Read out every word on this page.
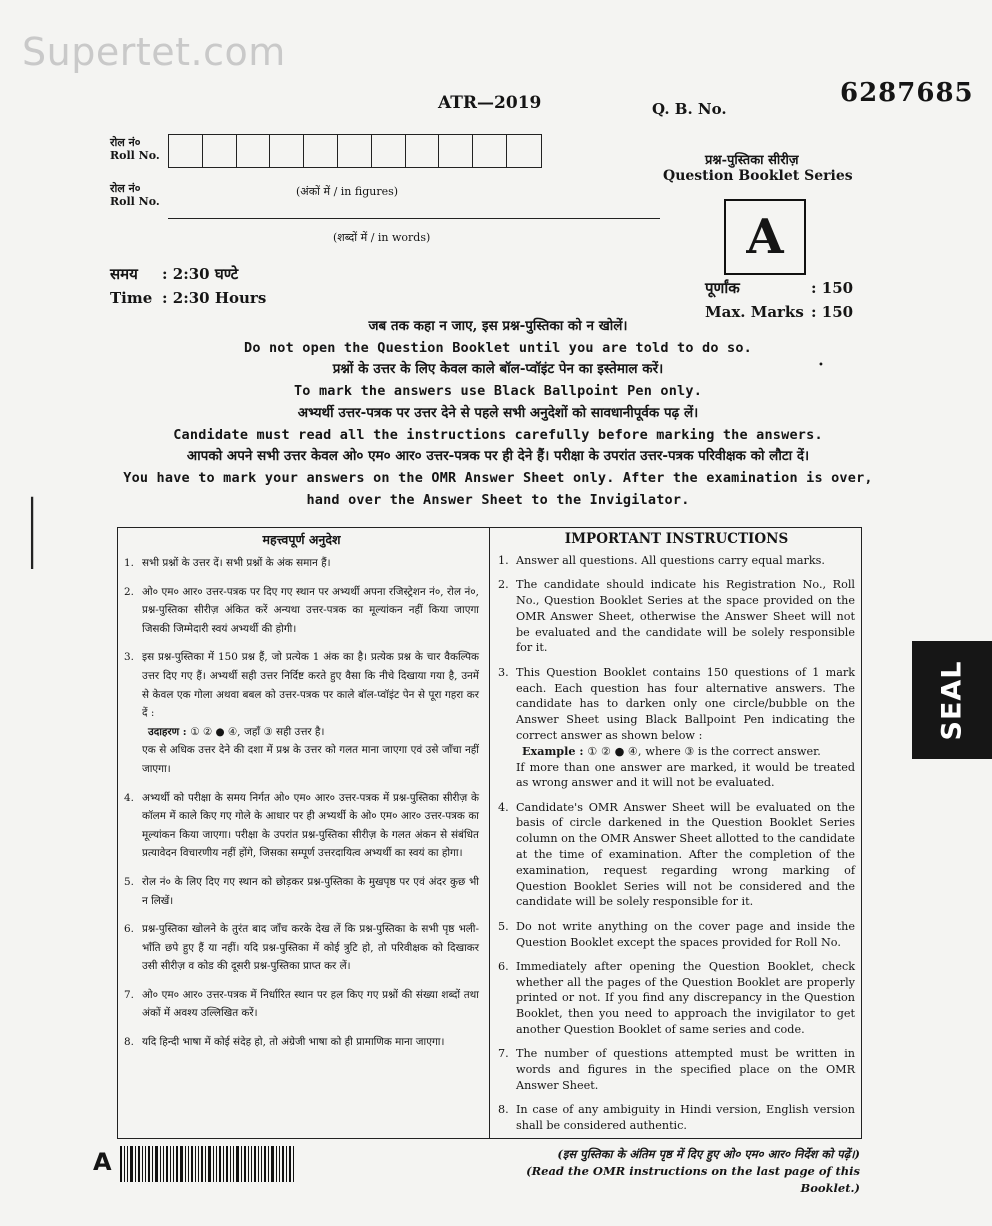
Supertet.com
ATR—2019	Q. B. No.
6287685
रोल नं०
Roll No.
(अंकों में / in figures)
रोल नं०
Roll No.
(शब्दों में / in words)
प्रश्न-पुस्तिका सीरीज़
Question Booklet Series
A
समय : 2:30 घण्टे
Time : 2:30 Hours
पूर्णांक	: 150
Max. Marks : 150
•
जब तक कहा न जाए, इस प्रश्न-पुस्तिका को न खोलें।
Do not open the Question Booklet until you are told to do so.
प्रश्नों के उत्तर के लिए केवल काले बॉल-प्वॉइंट पेन का इस्तेमाल करें।
To mark the answers use Black Ballpoint Pen only.
अभ्यर्थी उत्तर-पत्रक पर उत्तर देने से पहले सभी अनुदेशों को सावधानीपूर्वक पढ़ लें।
Candidate must read all the instructions carefully before marking the answers.
आपको अपने सभी उत्तर केवल ओ० एम० आर० उत्तर-पत्रक पर ही देने हैं। परीक्षा के उपरांत उत्तर-पत्रक परिवीक्षक को लौटा दें।
You have to mark your answers on the OMR Answer Sheet only. After the examination is over, hand over the Answer Sheet to the Invigilator.
|	महत्त्वपूर्ण अनुदेश
1. सभी प्रश्नों के उत्तर दें। सभी प्रश्नों के अंक समान हैं।
2. ओ० एम० आर० उत्तर-पत्रक पर दिए गए स्थान पर अभ्यर्थी अपना रजिस्ट्रेशन नं०, रोल नं०, प्रश्न-पुस्तिका सीरीज़ अंकित करें अन्यथा उत्तर-पत्रक का मूल्यांकन नहीं किया जाएगा जिसकी जिम्मेदारी स्वयं अभ्यर्थी की होगी।
3. इस प्रश्न-पुस्तिका में 150 प्रश्न हैं, जो प्रत्येक 1 अंक का है। प्रत्येक प्रश्न के चार वैकल्पिक उत्तर दिए गए हैं। अभ्यर्थी सही उत्तर निर्दिष्ट करते हुए वैसा कि नीचे दिखाया गया है, उनमें से केवल एक गोला अथवा बबल को उत्तर-पत्रक पर काले बॉल-प्वॉइंट पेन से पूरा गहरा कर दें :
उदाहरण : ① ② ● ④, जहाँ ③ सही उत्तर है।
एक से अधिक उत्तर देने की दशा में प्रश्न के उत्तर को गलत माना जाएगा एवं उसे जाँचा नहीं जाएगा।
4. अभ्यर्थी को परीक्षा के समय निर्गत ओ० एम० आर० उत्तर-पत्रक में प्रश्न-पुस्तिका सीरीज़ के कॉलम में काले किए गए गोले के आधार पर ही अभ्यर्थी के ओ० एम० आर० उत्तर-पत्रक का मूल्यांकन किया जाएगा। परीक्षा के उपरांत प्रश्न-पुस्तिका सीरीज़ के गलत अंकन से संबंधित प्रत्यावेदन विचारणीय नहीं होंगे, जिसका सम्पूर्ण उत्तरदायित्व अभ्यर्थी का स्वयं का होगा।
5. रोल नं० के लिए दिए गए स्थान को छोड़कर प्रश्न-पुस्तिका के मुखपृष्ठ पर एवं अंदर कुछ भी न लिखें।
6. प्रश्न-पुस्तिका खोलने के तुरंत बाद जाँच करके देख लें कि प्रश्न-पुस्तिका के सभी पृष्ठ भली-भाँति छपे हुए हैं या नहीं। यदि प्रश्न-पुस्तिका में कोई त्रुटि हो, तो परिवीक्षक को दिखाकर उसी सीरीज़ व कोड की दूसरी प्रश्न-पुस्तिका प्राप्त कर लें।
7. ओ० एम० आर० उत्तर-पत्रक में निर्धारित स्थान पर हल किए गए प्रश्नों की संख्या शब्दों तथा अंकों में अवश्य उल्लिखित करें।
8. यदि हिन्दी भाषा में कोई संदेह हो, तो अंग्रेजी भाषा को ही प्रामाणिक माना जाएगा।
IMPORTANT INSTRUCTIONS
1. Answer all questions. All questions carry equal marks.
2. The candidate should indicate his Registration No., Roll No., Question Booklet Series at the space provided on the OMR Answer Sheet, otherwise the Answer Sheet will not be evaluated and the candidate will be solely responsible for it.
3. This Question Booklet contains 150 questions of 1 mark each. Each question has four alternative answers. The candidate has to darken only one circle/bubble on the Answer Sheet using Black Ballpoint Pen indicating the correct answer as shown below :
Example : ① ② ● ④, where ③ is the correct answer.
If more than one answer are marked, it would be treated as wrong answer and it will not be evaluated.
4. Candidate's OMR Answer Sheet will be evaluated on the basis of circle darkened in the Question Booklet Series column on the OMR Answer Sheet allotted to the candidate at the time of examination. After the completion of the examination, request regarding wrong marking of Question Booklet Series will not be considered and the candidate will be solely responsible for it.
5. Do not write anything on the cover page and inside the Question Booklet except the spaces provided for Roll No.
6. Immediately after opening the Question Booklet, check whether all the pages of the Question Booklet are properly printed or not. If you find any discrepancy in the Question Booklet, then you need to approach the invigilator to get another Question Booklet of same series and code.
7. The number of questions attempted must be written in words and figures in the specified place on the OMR Answer Sheet.
8. In case of any ambiguity in Hindi version, English version shall be considered authentic.
A	(इस पुस्तिका के अंतिम पृष्ठ में दिए हुए ओ० एम० आर० निर्देश को पढ़ें।)
(Read the OMR instructions on the last page of this Booklet.)
SEAL
